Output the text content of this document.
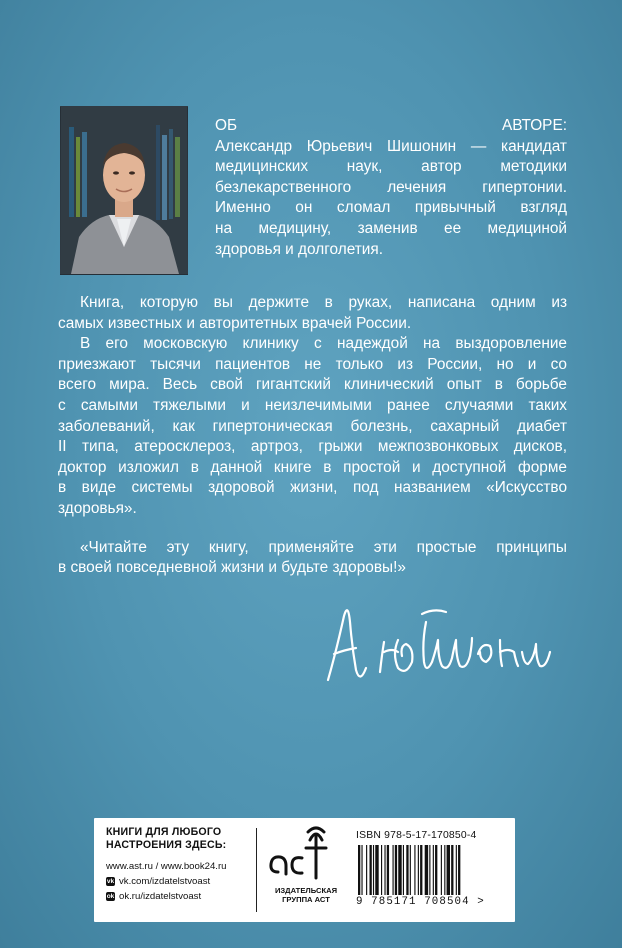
ОБ АВТОРЕ:
Александр Юрьевич Шишонин — кандидат
медицинских наук, автор методики
безлекарственного лечения гипертонии.
Именно он сломал привычный взгляд
на медицину, заменив ее медициной
здоровья и долголетия.
Книга, которую вы держите в руках, написана одним из
самых известных и авторитетных врачей России.
В его московскую клинику с надеждой на выздоровление
приезжают тысячи пациентов не только из России, но и со
всего мира. Весь свой гигантский клинический опыт в борьбе
с самыми тяжелыми и неизлечимыми ранее случаями таких
заболеваний, как гипертоническая болезнь, сахарный диабет
II типа, атеросклероз, артроз, грыжи межпозвонковых дисков,
доктор изложил в данной книге в простой и доступной форме
в виде системы здоровой жизни, под названием «Искусство
здоровья».
«Читайте эту книгу, применяйте эти простые принципы
в своей повседневной жизни и будьте здоровы!»
КНИГИ ДЛЯ ЛЮБОГО
НАСТРОЕНИЯ ЗДЕСЬ:
www.ast.ru / www.book24.ru
vk vk.com/izdatelstvoast
ok ok.ru/izdatelstvoast
ИЗДАТЕЛЬСКАЯ
ГРУППА АСТ
ISBN 978-5-17-170850-4
9 785171 708504 >
